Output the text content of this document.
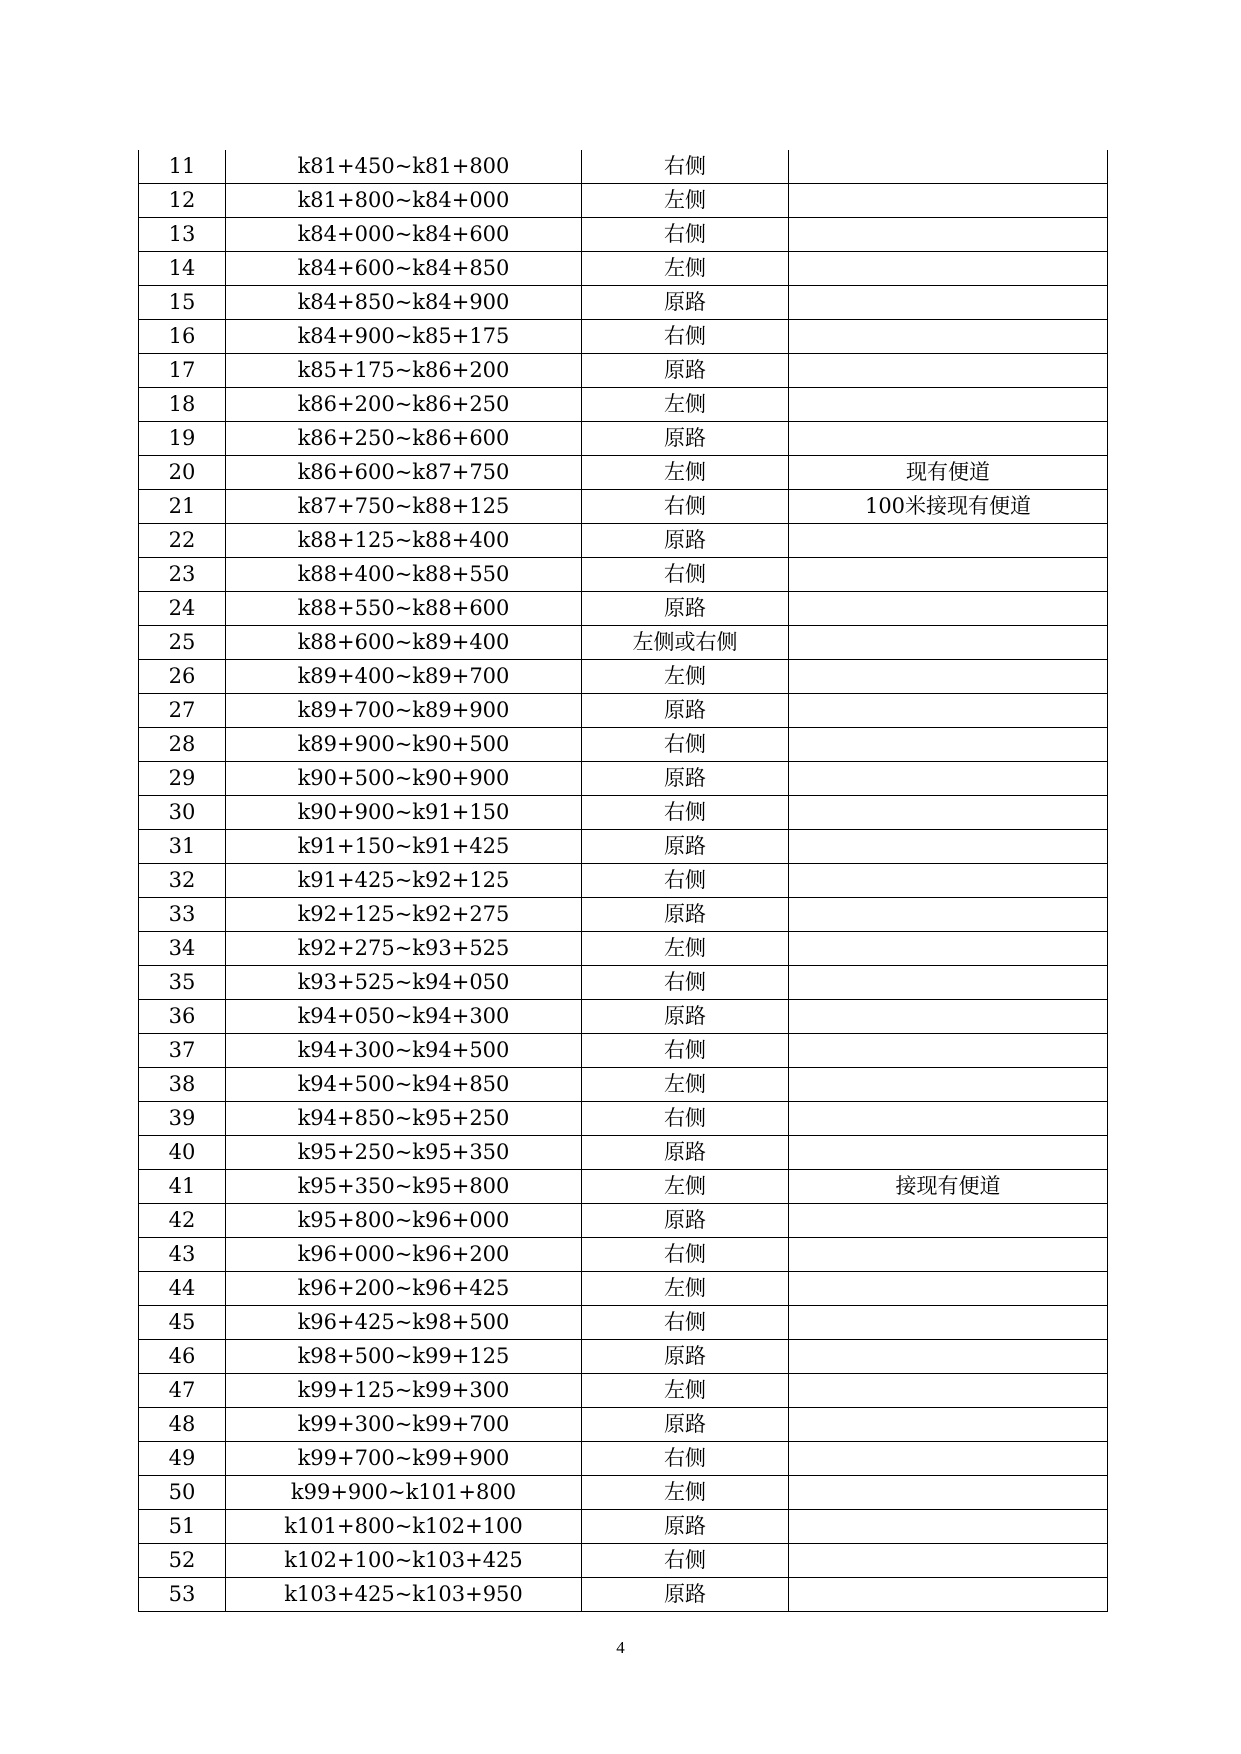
11	k81+450~k81+800	右侧	
12	k81+800~k84+000	左侧	
13	k84+000~k84+600	右侧	
14	k84+600~k84+850	左侧	
15	k84+850~k84+900	原路	
16	k84+900~k85+175	右侧	
17	k85+175~k86+200	原路	
18	k86+200~k86+250	左侧	
19	k86+250~k86+600	原路	
20	k86+600~k87+750	左侧	现有便道
21	k87+750~k88+125	右侧	100米接现有便道
22	k88+125~k88+400	原路	
23	k88+400~k88+550	右侧	
24	k88+550~k88+600	原路	
25	k88+600~k89+400	左侧或右侧	
26	k89+400~k89+700	左侧	
27	k89+700~k89+900	原路	
28	k89+900~k90+500	右侧	
29	k90+500~k90+900	原路	
30	k90+900~k91+150	右侧	
31	k91+150~k91+425	原路	
32	k91+425~k92+125	右侧	
33	k92+125~k92+275	原路	
34	k92+275~k93+525	左侧	
35	k93+525~k94+050	右侧	
36	k94+050~k94+300	原路	
37	k94+300~k94+500	右侧	
38	k94+500~k94+850	左侧	
39	k94+850~k95+250	右侧	
40	k95+250~k95+350	原路	
41	k95+350~k95+800	左侧	接现有便道
42	k95+800~k96+000	原路	
43	k96+000~k96+200	右侧	
44	k96+200~k96+425	左侧	
45	k96+425~k98+500	右侧	
46	k98+500~k99+125	原路	
47	k99+125~k99+300	左侧	
48	k99+300~k99+700	原路	
49	k99+700~k99+900	右侧	
50	k99+900~k101+800	左侧	
51	k101+800~k102+100	原路	
52	k102+100~k103+425	右侧	
53	k103+425~k103+950	原路	
4
